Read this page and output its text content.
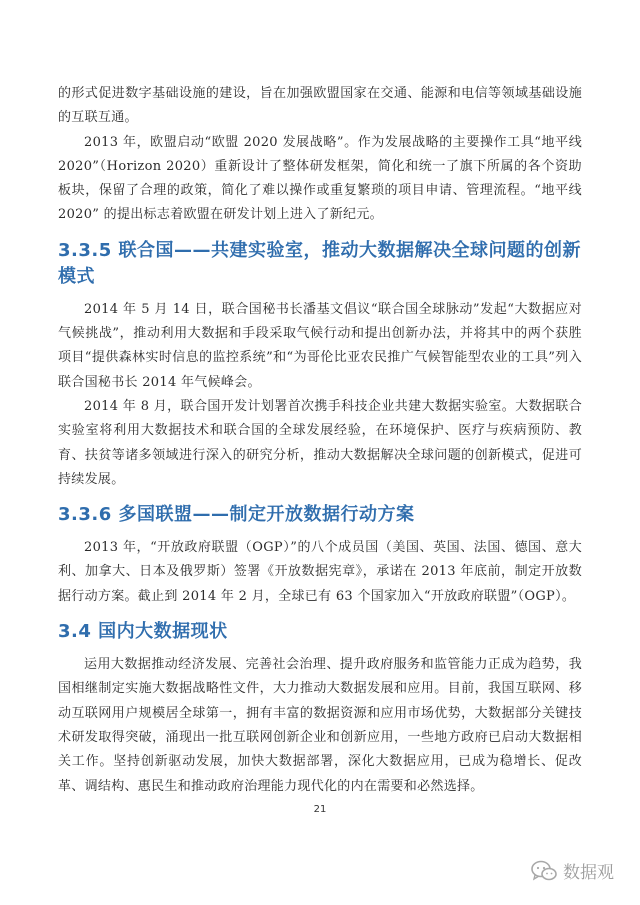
的形式促进数字基础设施的建设，旨在加强欧盟国家在交通、能源和电信等领域基础设施的互联互通。

2013 年，欧盟启动“欧盟 2020 发展战略”。作为发展战略的主要操作工具“地平线 2020”（Horizon 2020）重新设计了整体研发框架，简化和统一了旗下所属的各个资助板块，保留了合理的政策，简化了难以操作或重复繁琐的项目申请、管理流程。“地平线 2020” 的提出标志着欧盟在研发计划上进入了新纪元。

3.3.5 联合国——共建实验室，推动大数据解决全球问题的创新模式

2014 年 5 月 14 日，联合国秘书长潘基文倡议“联合国全球脉动”发起“大数据应对气候挑战”，推动利用大数据和手段采取气候行动和提出创新办法，并将其中的两个获胜项目“提供森林实时信息的监控系统”和“为哥伦比亚农民推广气候智能型农业的工具”列入联合国秘书长 2014 年气候峰会。

2014 年 8 月，联合国开发计划署首次携手科技企业共建大数据实验室。大数据联合实验室将利用大数据技术和联合国的全球发展经验，在环境保护、医疗与疾病预防、教育、扶贫等诸多领域进行深入的研究分析，推动大数据解决全球问题的创新模式，促进可持续发展。

3.3.6 多国联盟——制定开放数据行动方案

2013 年，“开放政府联盟（OGP）”的八个成员国（美国、英国、法国、德国、意大利、加拿大、日本及俄罗斯）签署《开放数据宪章》，承诺在 2013 年底前，制定开放数据行动方案。截止到 2014 年 2 月，全球已有 63 个国家加入“开放政府联盟”（OGP）。

3.4 国内大数据现状

运用大数据推动经济发展、完善社会治理、提升政府服务和监管能力正成为趋势，我国相继制定实施大数据战略性文件，大力推动大数据发展和应用。目前，我国互联网、移动互联网用户规模居全球第一，拥有丰富的数据资源和应用市场优势，大数据部分关键技术研发取得突破，涌现出一批互联网创新企业和创新应用，一些地方政府已启动大数据相关工作。坚持创新驱动发展，加快大数据部署，深化大数据应用，已成为稳增长、促改革、调结构、惠民生和推动政府治理能力现代化的内在需要和必然选择。

21
数据观
